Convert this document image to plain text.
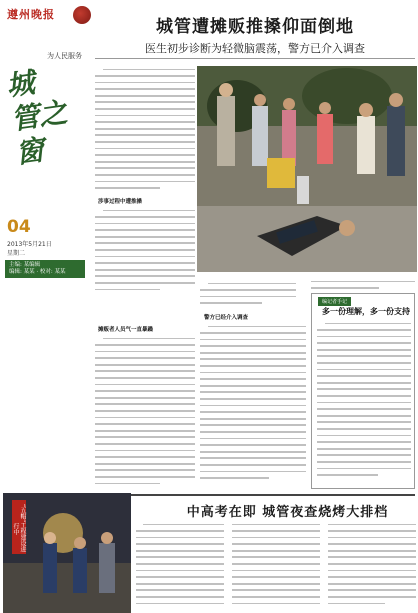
遵州晚报
为人民服务
城
管之窗
04
2013年5月21日
星期二
主编: 某编辑
编辑: 某某 · 校对: 某某
城管遭摊贩推搡仰面倒地
医生初步诊断为轻微脑震荡，警方已介入调查
涉事过程中遭推搡
摊贩者人员气一直暴躁
警方已经介入调查
编记者手记
多一份理解，多一份支持
“五帽”工程建设进行中
中高考在即 城管夜查烧烤大排档
